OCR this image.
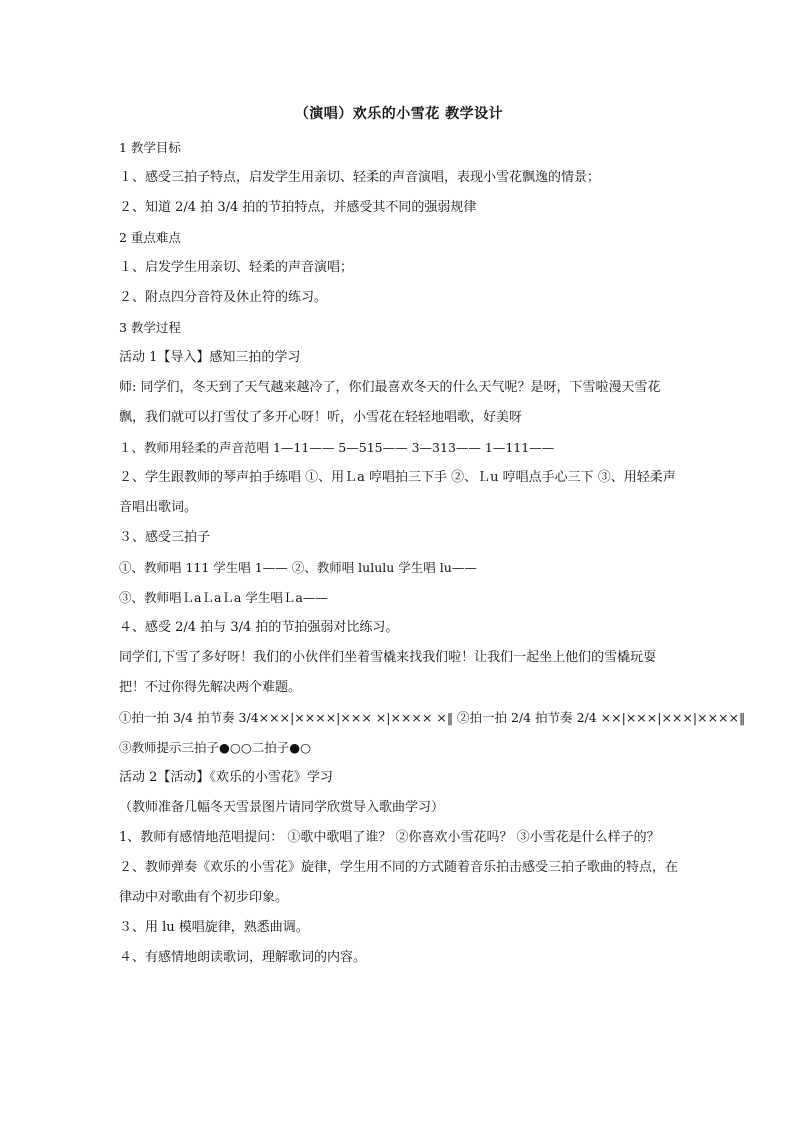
（演唱）欢乐的小雪花 教学设计
1 教学目标
１、感受三拍子特点，启发学生用亲切、轻柔的声音演唱，表现小雪花飘逸的情景；
２、知道 2/4 拍 3/4 拍的节拍特点，并感受其不同的强弱规律
2 重点难点
１、启发学生用亲切、轻柔的声音演唱；
２、附点四分音符及休止符的练习。
3 教学过程
活动 1【导入】感知三拍的学习
师: 同学们，冬天到了天气越来越冷了，你们最喜欢冬天的什么天气呢？是呀，下雪啦漫天雪花飘，我们就可以打雪仗了多开心呀！听，小雪花在轻轻地唱歌，好美呀
１、教师用轻柔的声音范唱 1—11—— 5—515—— 3—313—— 1—111——
２、学生跟教师的琴声拍手练唱 ①、用Ｌa 哼唱拍三下手 ②、Ｌu 哼唱点手心三下 ③、用轻柔声音唱出歌词。
３、感受三拍子
①、教师唱 111 学生唱 1—— ②、教师唱 lululu 学生唱 lu——
③、教师唱ＬaＬaＬa 学生唱Ｌa——
４、感受 2/4 拍与 3/4 拍的节拍强弱对比练习。
同学们,下雪了多好呀！我们的小伙伴们坐着雪橇来找我们啦！让我们一起坐上他们的雪橇玩耍把！不过你得先解决两个难题。
①拍一拍 3/4 拍节奏 3/4×××|××××|××× ×|×××× ×‖ ②拍一拍 2/4 拍节奏 2/4 ××|×××|×××|××××‖
③教师提示三拍子●○○二拍子●○
活动 2【活动】《欢乐的小雪花》学习
（教师准备几幅冬天雪景图片请同学欣赏导入歌曲学习）
1、教师有感情地范唱提问： ①歌中歌唱了谁？ ②你喜欢小雪花吗？ ③小雪花是什么样子的？
２、教师弹奏《欢乐的小雪花》旋律，学生用不同的方式随着音乐拍击感受三拍子歌曲的特点，在律动中对歌曲有个初步印象。
３、用 lu 模唱旋律，熟悉曲调。
４、有感情地朗读歌词，理解歌词的内容。
